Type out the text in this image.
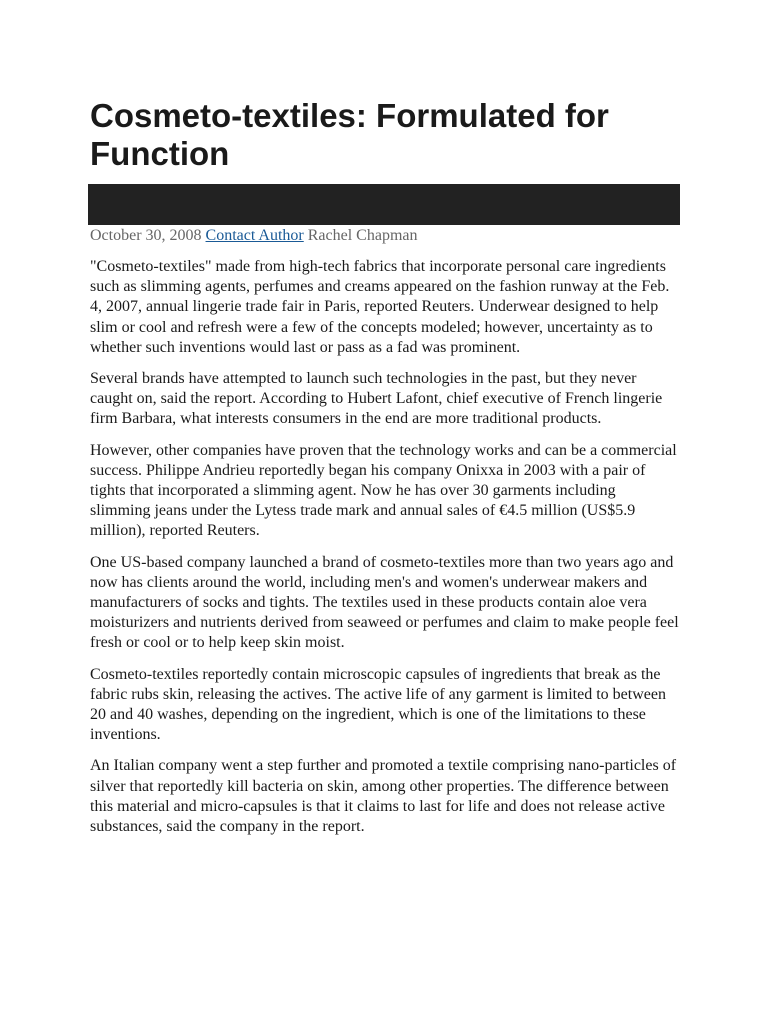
Cosmeto-textiles: Formulated for Function
October 30, 2008 Contact Author Rachel Chapman

"Cosmeto-textiles" made from high-tech fabrics that incorporate personal care ingredients such as slimming agents, perfumes and creams appeared on the fashion runway at the Feb. 4, 2007, annual lingerie trade fair in Paris, reported Reuters. Underwear designed to help slim or cool and refresh were a few of the concepts modeled; however, uncertainty as to whether such inventions would last or pass as a fad was prominent.

Several brands have attempted to launch such technologies in the past, but they never caught on, said the report. According to Hubert Lafont, chief executive of French lingerie firm Barbara, what interests consumers in the end are more traditional products.

However, other companies have proven that the technology works and can be a commercial success. Philippe Andrieu reportedly began his company Onixxa in 2003 with a pair of tights that incorporated a slimming agent. Now he has over 30 garments including slimming jeans under the Lytess trade mark and annual sales of €4.5 million (US$5.9 million), reported Reuters.

One US-based company launched a brand of cosmeto-textiles more than two years ago and now has clients around the world, including men's and women's underwear makers and manufacturers of socks and tights. The textiles used in these products contain aloe vera moisturizers and nutrients derived from seaweed or perfumes and claim to make people feel fresh or cool or to help keep skin moist.

Cosmeto-textiles reportedly contain microscopic capsules of ingredients that break as the fabric rubs skin, releasing the actives. The active life of any garment is limited to between 20 and 40 washes, depending on the ingredient, which is one of the limitations to these inventions.

An Italian company went a step further and promoted a textile comprising nano-particles of silver that reportedly kill bacteria on skin, among other properties. The difference between this material and micro-capsules is that it claims to last for life and does not release active substances, said the company in the report.
